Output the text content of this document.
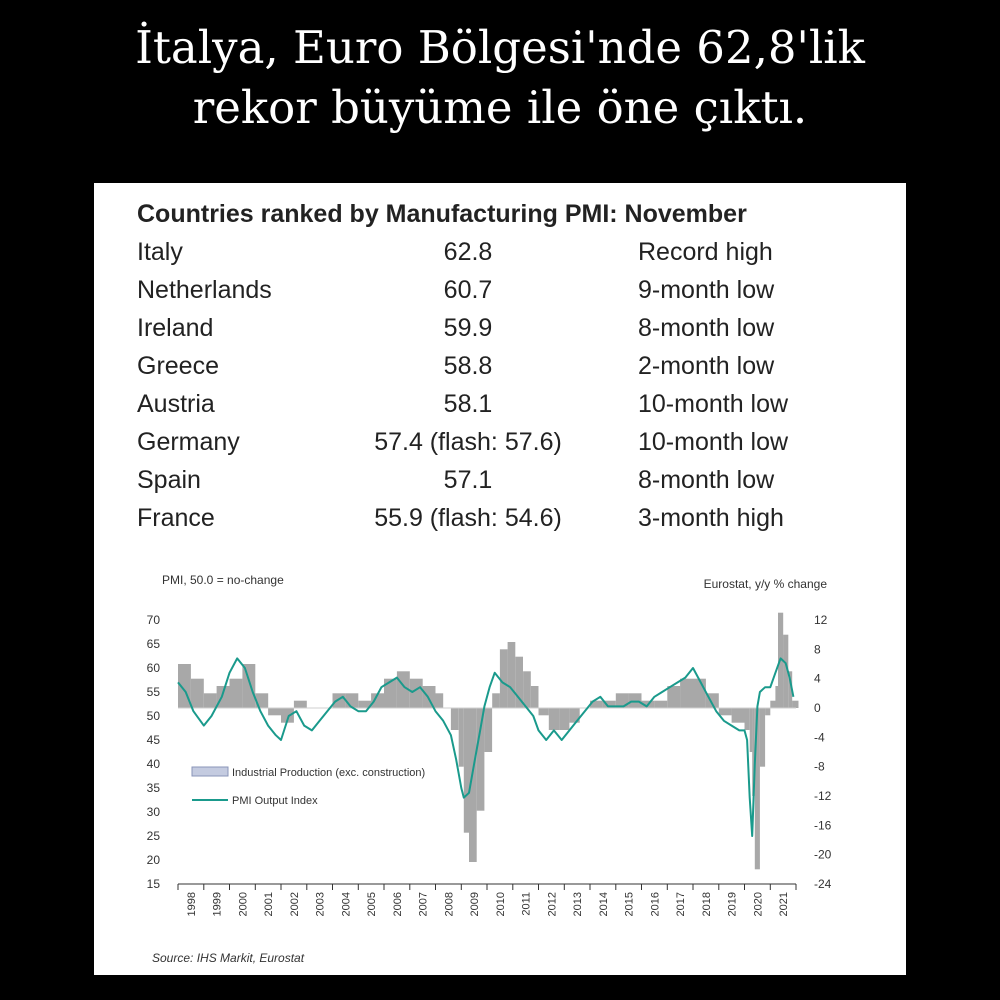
İtalya, Euro Bölgesi'nde 62,8'lik
rekor büyüme ile öne çıktı.
Countries ranked by Manufacturing PMI: November
Italy	62.8	Record high
Netherlands	60.7	9-month low
Ireland	59.9	8-month low
Greece	58.8	2-month low
Austria	58.1	10-month low
Germany	57.4 (flash: 57.6)	10-month low
Spain	57.1	8-month low
France	55.9 (flash: 54.6)	3-month high
PMI, 50.0 = no-change	Eurostat, y/y % change
Source: IHS Markit, Eurostat
70
65
60
55
50
45
40
35
30
25
20
15
12
8
4
0
-4
-8
-12
-16
-20
-24
1998 1999 2000 2001 2002 2003 2004 2005 2006 2007 2008 2009 2010 2011 2012 2013 2014 2015 2016 2017 2018 2019 2020 2021
Industrial Production (exc. construction)
PMI Output Index
